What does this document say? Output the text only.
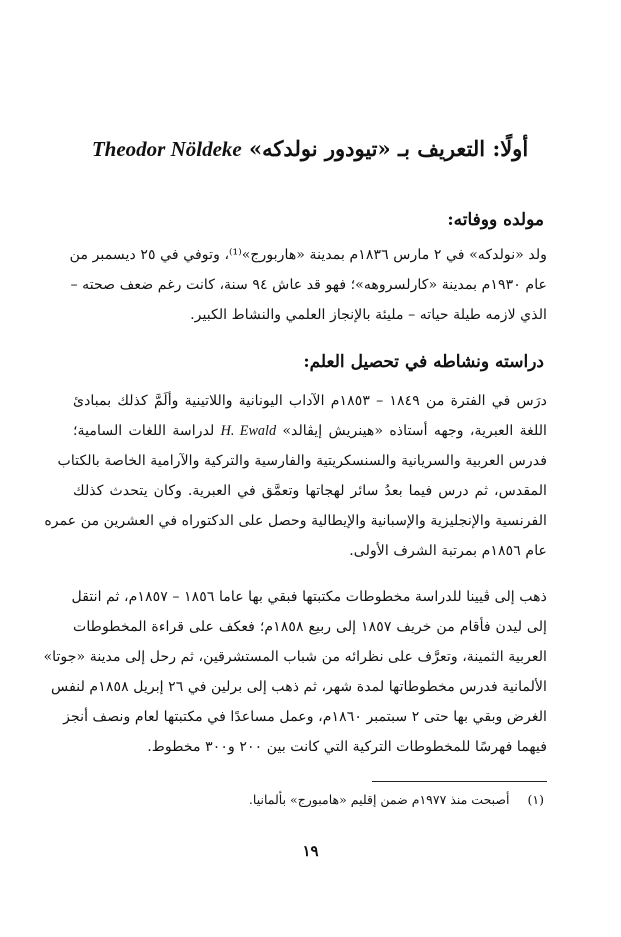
أولًا: التعريف بـ «تيودور نولدكه» Theodor Nöldeke
مولده ووفاته:
ولد «نولدكه» في ٢ مارس ١٨٣٦م بمدينة «هاربورج»⁽¹⁾، وتوفي في ٢٥ ديسمبر من
عام ١٩٣٠م بمدينة «كارلسروهه»؛ فهو قد عاش ٩٤ سنة، كانت رغم ضعف صحته –
الذي لازمه طيلة حياته – مليئة بالإنجاز العلمي والنشاط الكبير.
دراسته ونشاطه في تحصيل العلم:
درَس في الفترة من ١٨٤٩ – ١٨٥٣م الآداب اليونانية واللاتينية وألَمَّ كذلك بمبادئ
اللغة العبرية، وجهه أستاذه «هينريش إيڤالد» H. Ewald لدراسة اللغات السامية؛
فدرس العربية والسريانية والسنسكريتية والفارسية والتركية والآرامية الخاصة بالكتاب
المقدس، ثم درس فيما بعدُ سائر لهجاتها وتعمَّق في العبرية. وكان يتحدث كذلك
الفرنسية والإنجليزية والإسبانية والإيطالية وحصل على الدكتوراه في العشرين من عمره
عام ١٨٥٦م بمرتبة الشرف الأولى.
ذهب إلى ڤيينا للدراسة مخطوطات مكتبتها فبقي بها عاما ١٨٥٦ – ١٨٥٧م، ثم انتقل
إلى ليدن فأقام من خريف ١٨٥٧ إلى ربيع ١٨٥٨م؛ فعكف على قراءة المخطوطات
العربية الثمينة، وتعرَّف على نظرائه من شباب المستشرقين، ثم رحل إلى مدينة «جوتا»
الألمانية فدرس مخطوطاتها لمدة شهر، ثم ذهب إلى برلين في ٢٦ إبريل ١٨٥٨م لنفس
الغرض وبقي بها حتى ٢ سبتمبر ١٨٦٠م، وعمل مساعدًا في مكتبتها لعام ونصف أنجز
فيهما فهرسًا للمخطوطات التركية التي كانت بين ٢٠٠ و٣٠٠ مخطوط.
(١) أصبحت منذ ١٩٧٧م ضمن إقليم «هامبورج» بألمانيا.
١٩
